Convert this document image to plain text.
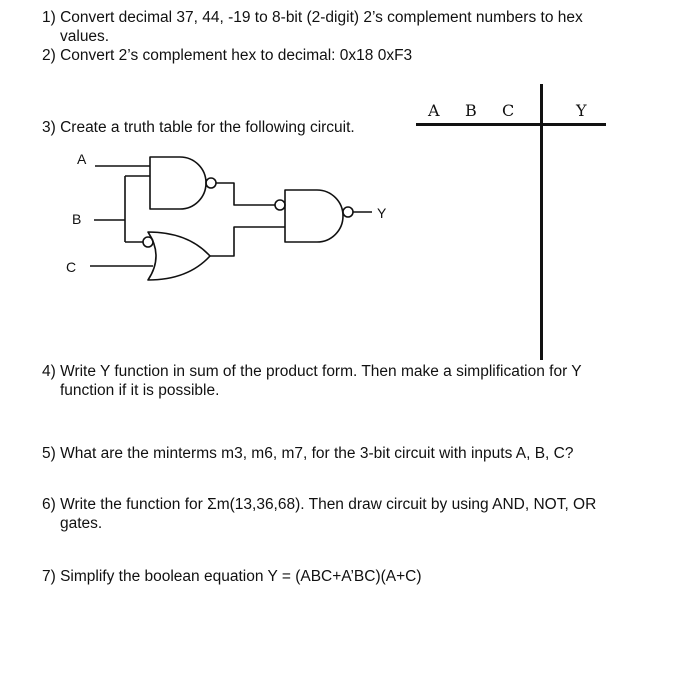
1) Convert decimal 37, 44, -19 to 8-bit (2-digit) 2’s complement numbers to hex
values.

2) Convert 2’s complement hex to decimal: 0x18 0xF3

3) Create a truth table for the following circuit.

4) Write Y function in sum of the product form. Then make a simplification for Y
function if it is possible.

5) What are the minterms m3, m6, m7, for the 3-bit circuit with inputs A, B, C?

6) Write the function for Σm(13,36,68). Then draw circuit by using AND, NOT, OR
gates.

7) Simplify the boolean equation Y = (ABC+A’BC)(A+C)

A B C	Y
A
B
C
Y
